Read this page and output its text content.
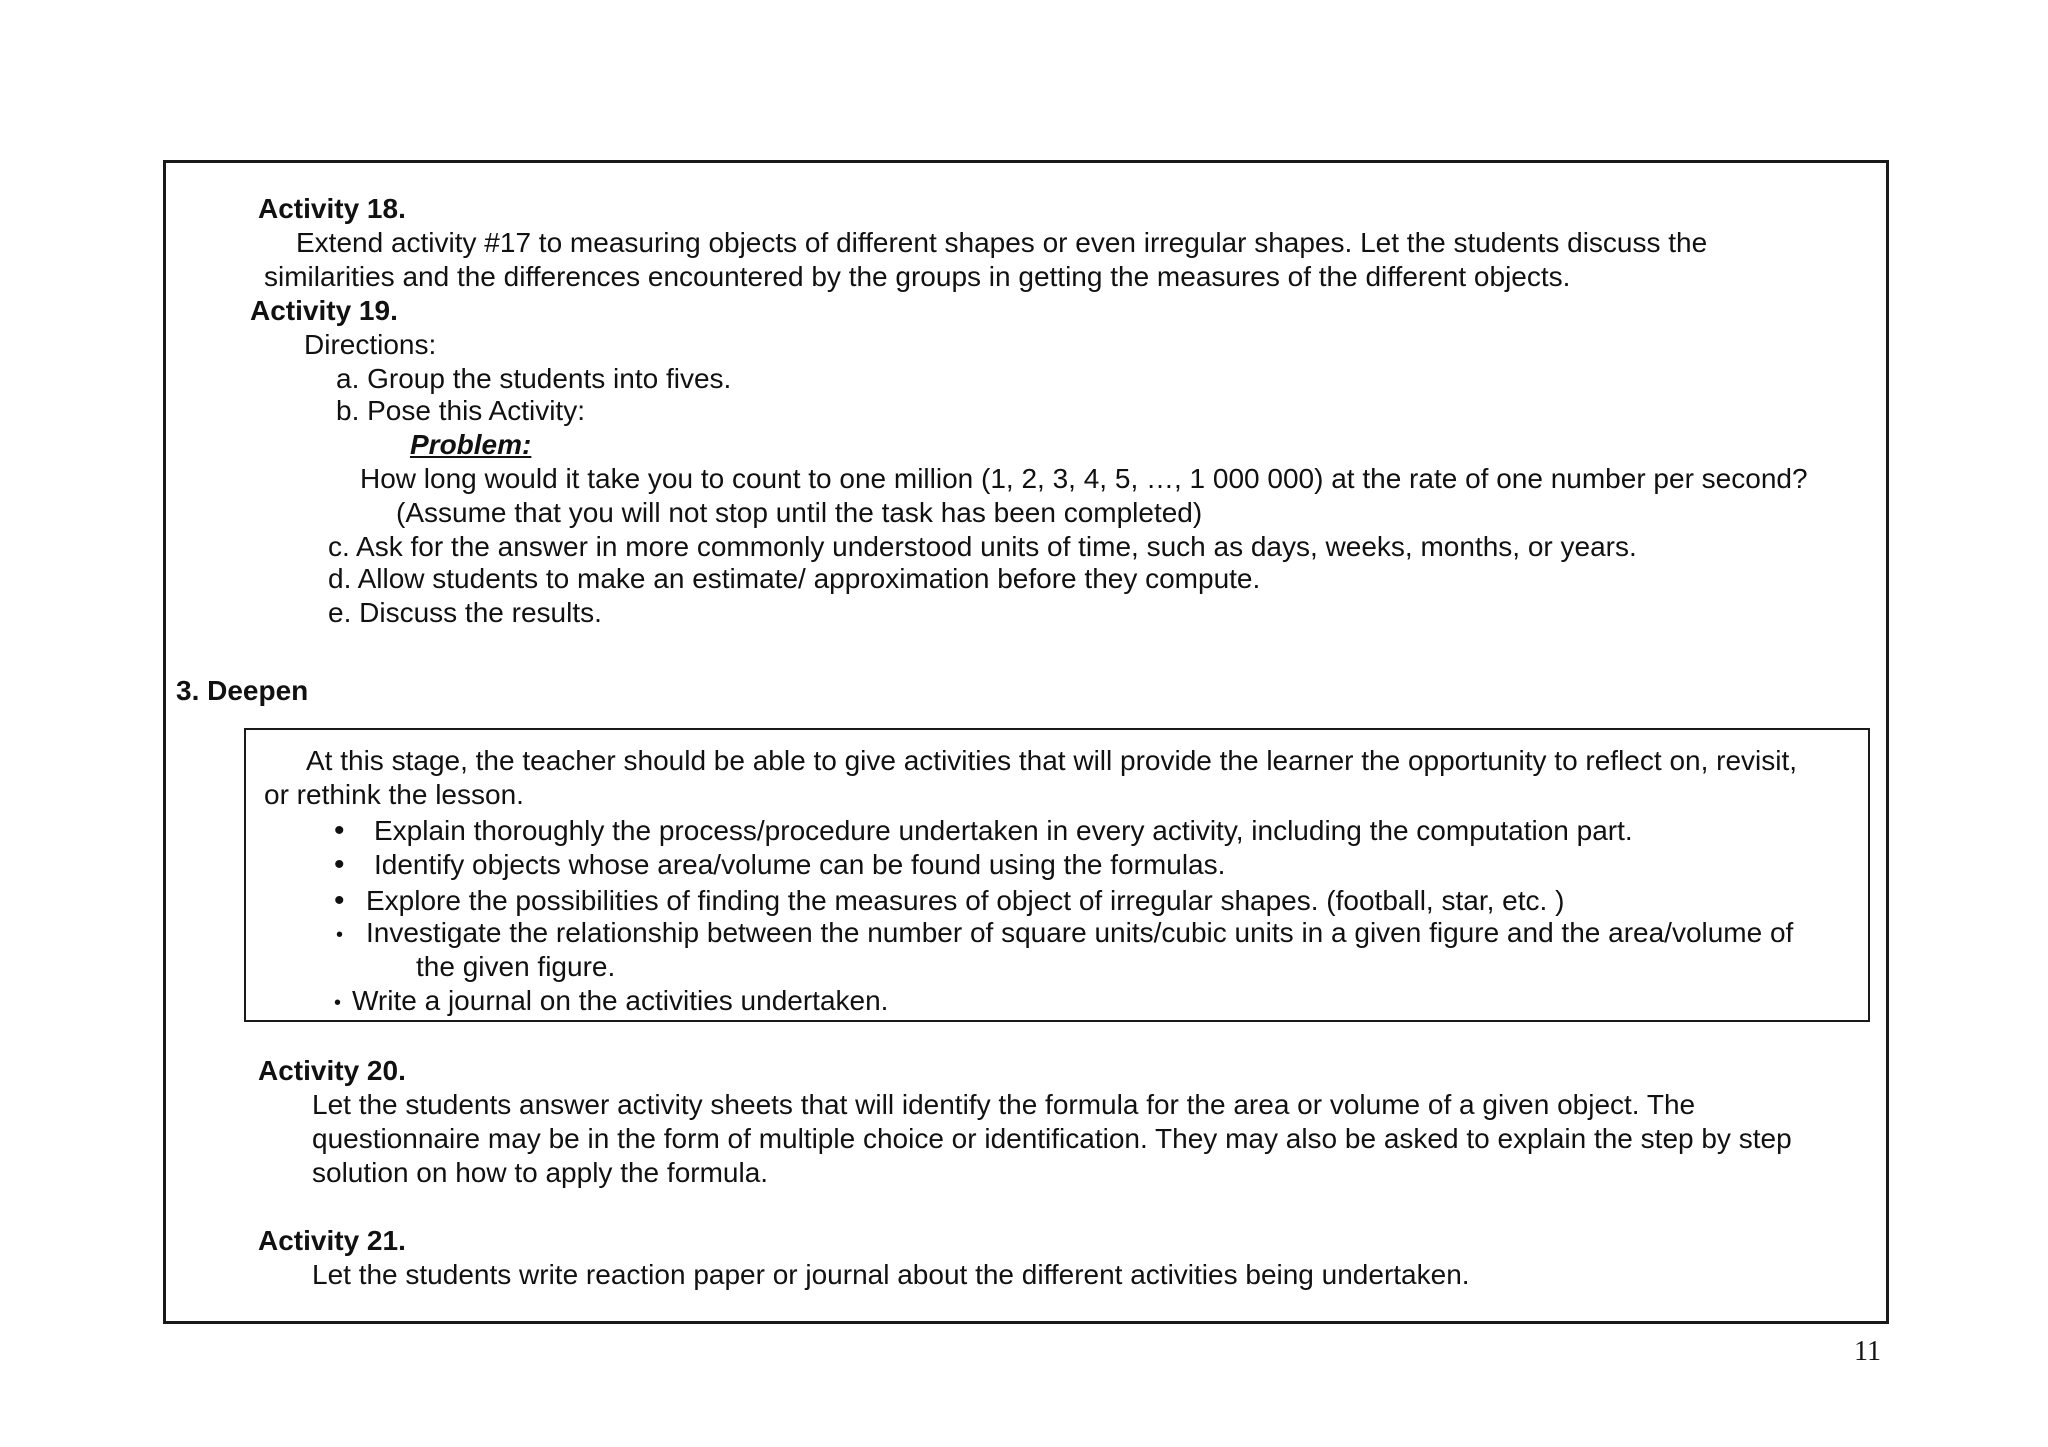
Activity 18.
Extend activity #17 to measuring objects of different shapes or even irregular shapes. Let the students discuss the
similarities and the differences encountered by the groups in getting the measures of the different objects.
Activity 19.
Directions:
a. Group the students into fives.
b. Pose this Activity:
Problem:
How long would it take you to count to one million (1, 2, 3, 4, 5, …, 1 000 000) at the rate of one number per second?
(Assume that you will not stop until the task has been completed)
c. Ask for the answer in more commonly understood units of time, such as days, weeks, months, or years.
d. Allow students to make an estimate/ approximation before they compute.
e. Discuss the results.
3. Deepen
At this stage, the teacher should be able to give activities that will provide the learner the opportunity to reflect on, revisit,
or rethink the lesson.
• Explain thoroughly the process/procedure undertaken in every activity, including the computation part.
• Identify objects whose area/volume can be found using the formulas.
• Explore the possibilities of finding the measures of object of irregular shapes. (football, star, etc. )
• Investigate the relationship between the number of square units/cubic units in a given figure and the area/volume of
the given figure.
• Write a journal on the activities undertaken.
Activity 20.
Let the students answer activity sheets that will identify the formula for the area or volume of a given object. The
questionnaire may be in the form of multiple choice or identification. They may also be asked to explain the step by step
solution on how to apply the formula.
Activity 21.
Let the students write reaction paper or journal about the different activities being undertaken.
11
